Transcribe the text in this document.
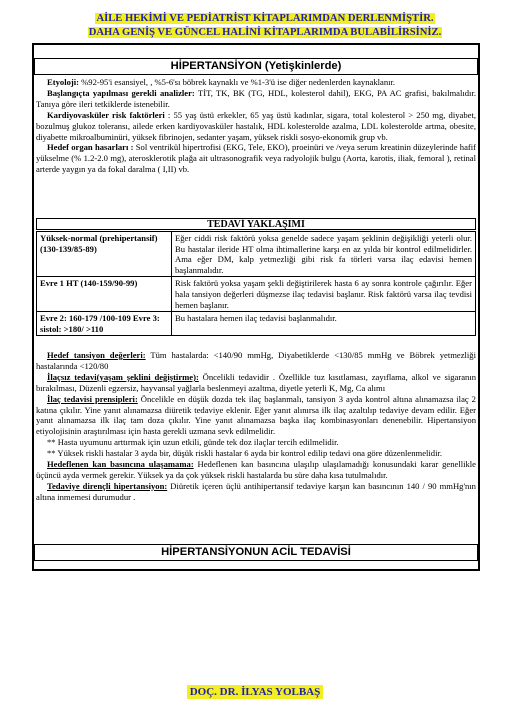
AİLE HEKİMİ VE PEDİATRİST KİTAPLARIMDAN DERLENMİŞTİR.
DAHA GENİŞ VE GÜNCEL HALİNİ KİTAPLARIMDA BULABİLİRSİNİZ.
HİPERTANSİYON (Yetişkinlerde)

Etyoloji: %92-95'i esansiyel, , %5-6'sı böbrek kaynaklı ve %1-3'ü ise diğer nedenlerden kaynaklanır.

Başlangıçta yapılması gerekli analizler: TİT, TK, BK (TG, HDL, kolesterol dahil), EKG, PA AC grafisi, bakılmalıdır. Tanıya göre ileri tetkiklerde istenebilir.

Kardiyovasküler risk faktörleri : 55 yaş üstü erkekler, 65 yaş üstü kadınlar, sigara, total kolesterol > 250 mg, diyabet, bozulmuş glukoz toleransı, ailede erken kardiyovasküler hastalık, HDL kolesterolde azalma, LDL kolesterolde artma, obesite, diyabette mikroalbuminüri, yüksek fibrinojen, sedanter yaşam, yüksek riskli sosyo-ekonomik grup vb.

Hedef organ hasarları : Sol ventrikül hipertrofisi (EKG, Tele, EKO), proeinüri ve /veya serum kreatinin düzeylerinde hafif yükselme (% 1.2-2.0 mg), aterosklerotik plağa ait ultrasonografik veya radyolojik bulgu (Aorta, karotis, iliak, femoral ), retinal arterde yaygın ya da fokal daralma ( I,II) vb.

TEDAVİ YAKLAŞIMI
Yüksek-normal (prehipertansif) (130-139/85-89)	Eğer ciddi risk faktörü yoksa genelde sadece yaşam şeklinin değişikliği yeterli olur. Bu hastalar ileride HT olma ihtimallerine karşı en az yılda bir kontrol edilmelidirler. Ama eğer DM, kalp yetmezliği gibi risk fa törleri varsa ilaç edavisi hemen başlanmalıdır.
Evre 1 HT (140-159/90-99)	Risk faktörü yoksa yaşam şekli değiştirilerek hasta 6 ay sonra kontrole çağırılır. Eğer hala tansiyon değerleri düşmezse ilaç tedavisi başlanır. Risk faktörü varsa ilaç tevdisi hemen başlanır.
Evre 2: 160-179 /100-109 Evre 3: sistol: >180/ >110	Bu hastalara hemen ilaç tedavisi başlanmalıdır.

Hedef tansiyon değerleri: Tüm hastalarda: <140/90 mmHg, Diyabetiklerde <130/85 mmHg ve Böbrek yetmezliği hastalarında <120/80

İlaçsız tedavi(yaşam şeklini değiştirme): Öncelikli tedavidir . Özellikle tuz kısıtlaması, zayıflama, alkol ve sigaranın bırakılması, Düzenli egzersiz, hayvansal yağlarla beslenmeyi azaltma, diyetle yeterli K, Mg, Ca alımı

İlaç tedavisi prensipleri: Öncelikle en düşük dozda tek ilaç başlanmalı, tansiyon 3 ayda kontrol altına alınamazsa ilaç 2 katına çıkılır. Yine yanıt alınamazsa diüretik tedaviye eklenir. Eğer yanıt alınırsa ilk ilaç azaltılıp tedaviye devam edilir. Eğer yanıt alınamazsa ilk ilaç tam doza çıkılır. Yine yanıt alınamazsa başka ilaç kombinasyonları denenebilir. Hipertansiyon etiyolojisinin araştırılması için hasta gerekli uzmana sevk edilmelidir.

** Hasta uyumunu arttırmak için uzun etkili, günde tek doz ilaçlar tercih edilmelidir.

** Yüksek riskli hastalar 3 ayda bir, düşük riskli hastalar 6 ayda bir kontrol edilip tedavi ona göre düzenlenmelidir.

Hedeflenen kan basıncına ulaşamama: Hedeflenen kan basıncına ulaşılıp ulaşılamadığı konusundaki karar genellikle üçüncü ayda vermek gerekir. Yüksek ya da çok yüksek riskli hastalarda bu süre daha kısa tutulmalıdır.

Tedaviye dirençli hipertansiyon: Diüretik içeren üçlü antihipertansif tedaviye karşın kan basıncının 140 / 90 mmHg'nın altına inmemesi durumudur .

HİPERTANSİYONUN ACİL TEDAVİSİ
DOÇ. DR. İLYAS YOLBAŞ
